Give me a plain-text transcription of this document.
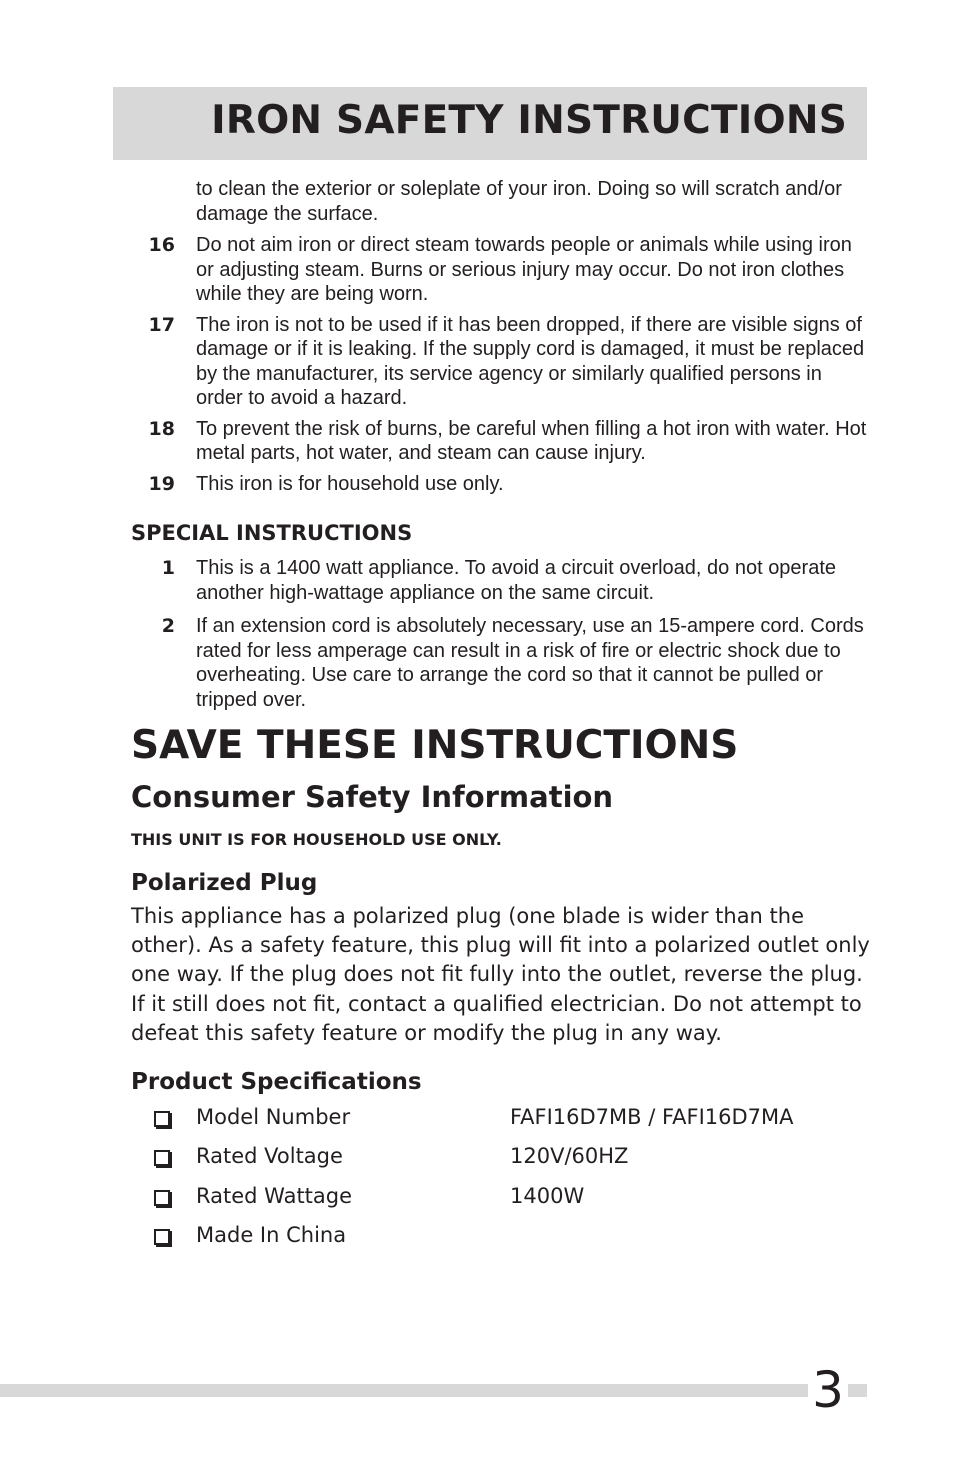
IRON SAFETY INSTRUCTIONS
to clean the exterior or soleplate of your iron. Doing so will scratch and/or damage the surface.
16 Do not aim iron or direct steam towards people or animals while using iron or adjusting steam. Burns or serious injury may occur. Do not iron clothes while they are being worn.
17 The iron is not to be used if it has been dropped, if there are visible signs of damage or if it is leaking. If the supply cord is damaged, it must be replaced by the manufacturer, its service agency or similarly qualified persons in order to avoid a hazard.
18 To prevent the risk of burns, be careful when filling a hot iron with water. Hot metal parts, hot water, and steam can cause injury.
19 This iron is for household use only.
SPECIAL INSTRUCTIONS
1 This is a 1400 watt appliance. To avoid a circuit overload, do not operate another high-wattage appliance on the same circuit.
2 If an extension cord is absolutely necessary, use an 15-ampere cord. Cords rated for less amperage can result in a risk of fire or electric shock due to overheating. Use care to arrange the cord so that it cannot be pulled or tripped over.
SAVE THESE INSTRUCTIONS
Consumer Safety Information
THIS UNIT IS FOR HOUSEHOLD USE ONLY.
Polarized Plug
This appliance has a polarized plug (one blade is wider than the other). As a safety feature, this plug will fit into a polarized outlet only one way. If the plug does not fit fully into the outlet, reverse the plug. If it still does not fit, contact a qualified electrician. Do not attempt to defeat this safety feature or modify the plug in any way.
Product Specifications
Model Number	FAFI16D7MB / FAFI16D7MA
Rated Voltage	120V/60HZ
Rated Wattage	1400W
Made In China
3
